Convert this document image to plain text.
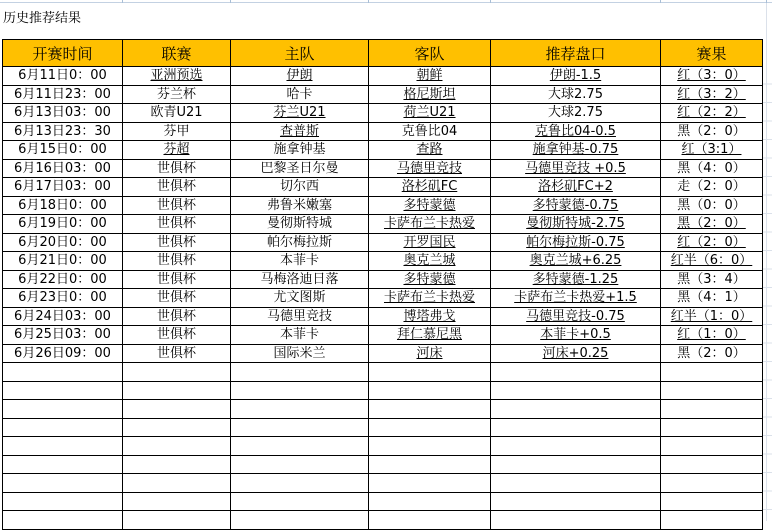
历史推荐结果
开赛时间	联赛	主队	客队	推荐盘口	赛果
6月11日0：00	亚洲预选	伊朗	朝鲜	伊朗-1.5	红（3：0）
6月11日23：00	芬兰杯	哈卡	格尼斯坦	大球2.75	红（3：2）
6月13日03：00	欧青U21	芬兰U21	荷兰U21	大球2.75	红（2：2）
6月13日23：30	芬甲	查普斯	克鲁比04	克鲁比04-0.5	黑（2：0）
6月15日0：00	芬超	施拿钟基	查路	施拿钟基-0.75	红（3:1）
6月16日03：00	世俱杯	巴黎圣日尔曼	马德里竞技	马德里竞技 +0.5	黑（4：0）
6月17日03：00	世俱杯	切尔西	洛杉矶FC	洛杉矶FC+2	走（2：0）
6月18日0：00	世俱杯	弗鲁米嫩塞	多特蒙德	多特蒙德-0.75	黑（0：0）
6月19日0：00	世俱杯	曼彻斯特城	卡萨布兰卡热爱	曼彻斯特城-2.75	黑（2：0）
6月20日0：00	世俱杯	帕尔梅拉斯	开罗国民	帕尔梅拉斯-0.75	红（2：0）
6月21日0：00	世俱杯	本菲卡	奥克兰城	奥克兰城+6.25	红半（6：0）
6月22日0：00	世俱杯	马梅洛迪日落	多特蒙德	多特蒙德-1.25	黑（3：4）
6月23日0：00	世俱杯	尤文图斯	卡萨布兰卡热爱	卡萨布兰卡热爱+1.5	黑（4：1）
6月24日03：00	世俱杯	马德里竞技	博塔弗戈	马德里竞技-0.75	红半（1：0）
6月25日03：00	世俱杯	本菲卡	拜仁慕尼黑	本菲卡+0.5	红（1：0）
6月26日09：00	世俱杯	国际米兰	河床	河床+0.25	黑（2：0）
